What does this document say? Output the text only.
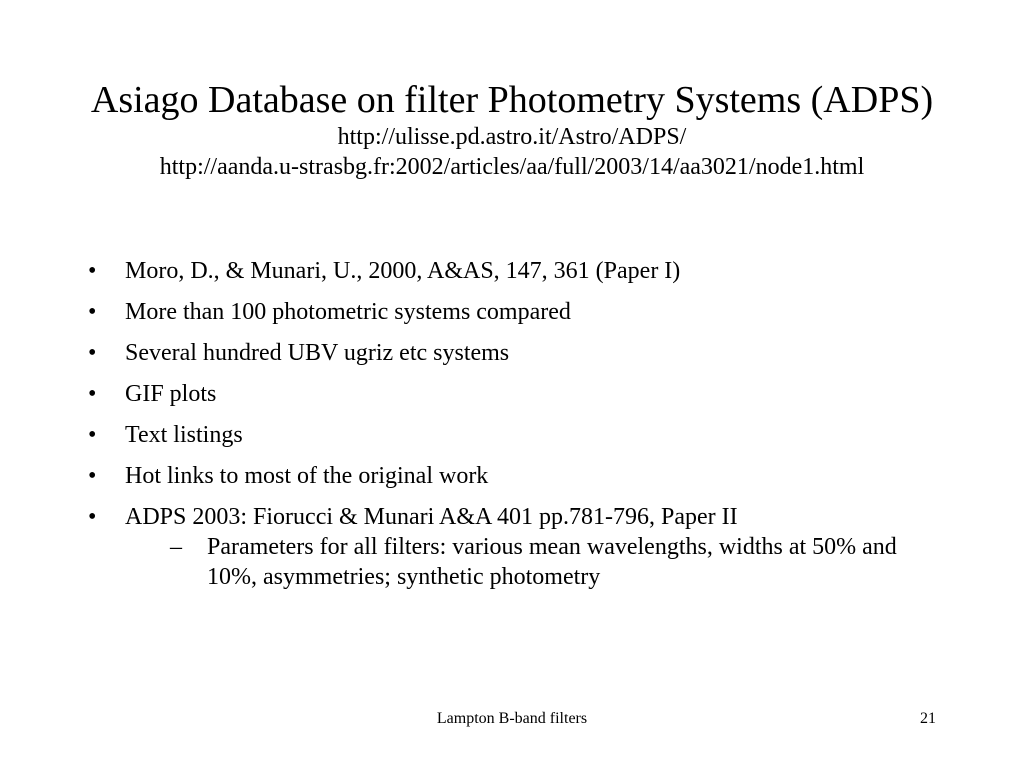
Asiago Database on filter Photometry Systems (ADPS)
http://ulisse.pd.astro.it/Astro/ADPS/
http://aanda.u-strasbg.fr:2002/articles/aa/full/2003/14/aa3021/node1.html
• Moro, D., & Munari, U., 2000, A&AS, 147, 361 (Paper I)
• More than 100 photometric systems compared
• Several hundred UBV ugriz etc systems
• GIF plots
• Text listings
• Hot links to most of the original work
• ADPS 2003: Fiorucci & Munari A&A 401 pp.781-796, Paper II
– Parameters for all filters: various mean wavelengths, widths at 50% and 10%, asymmetries; synthetic photometry
Lampton B-band filters	21
